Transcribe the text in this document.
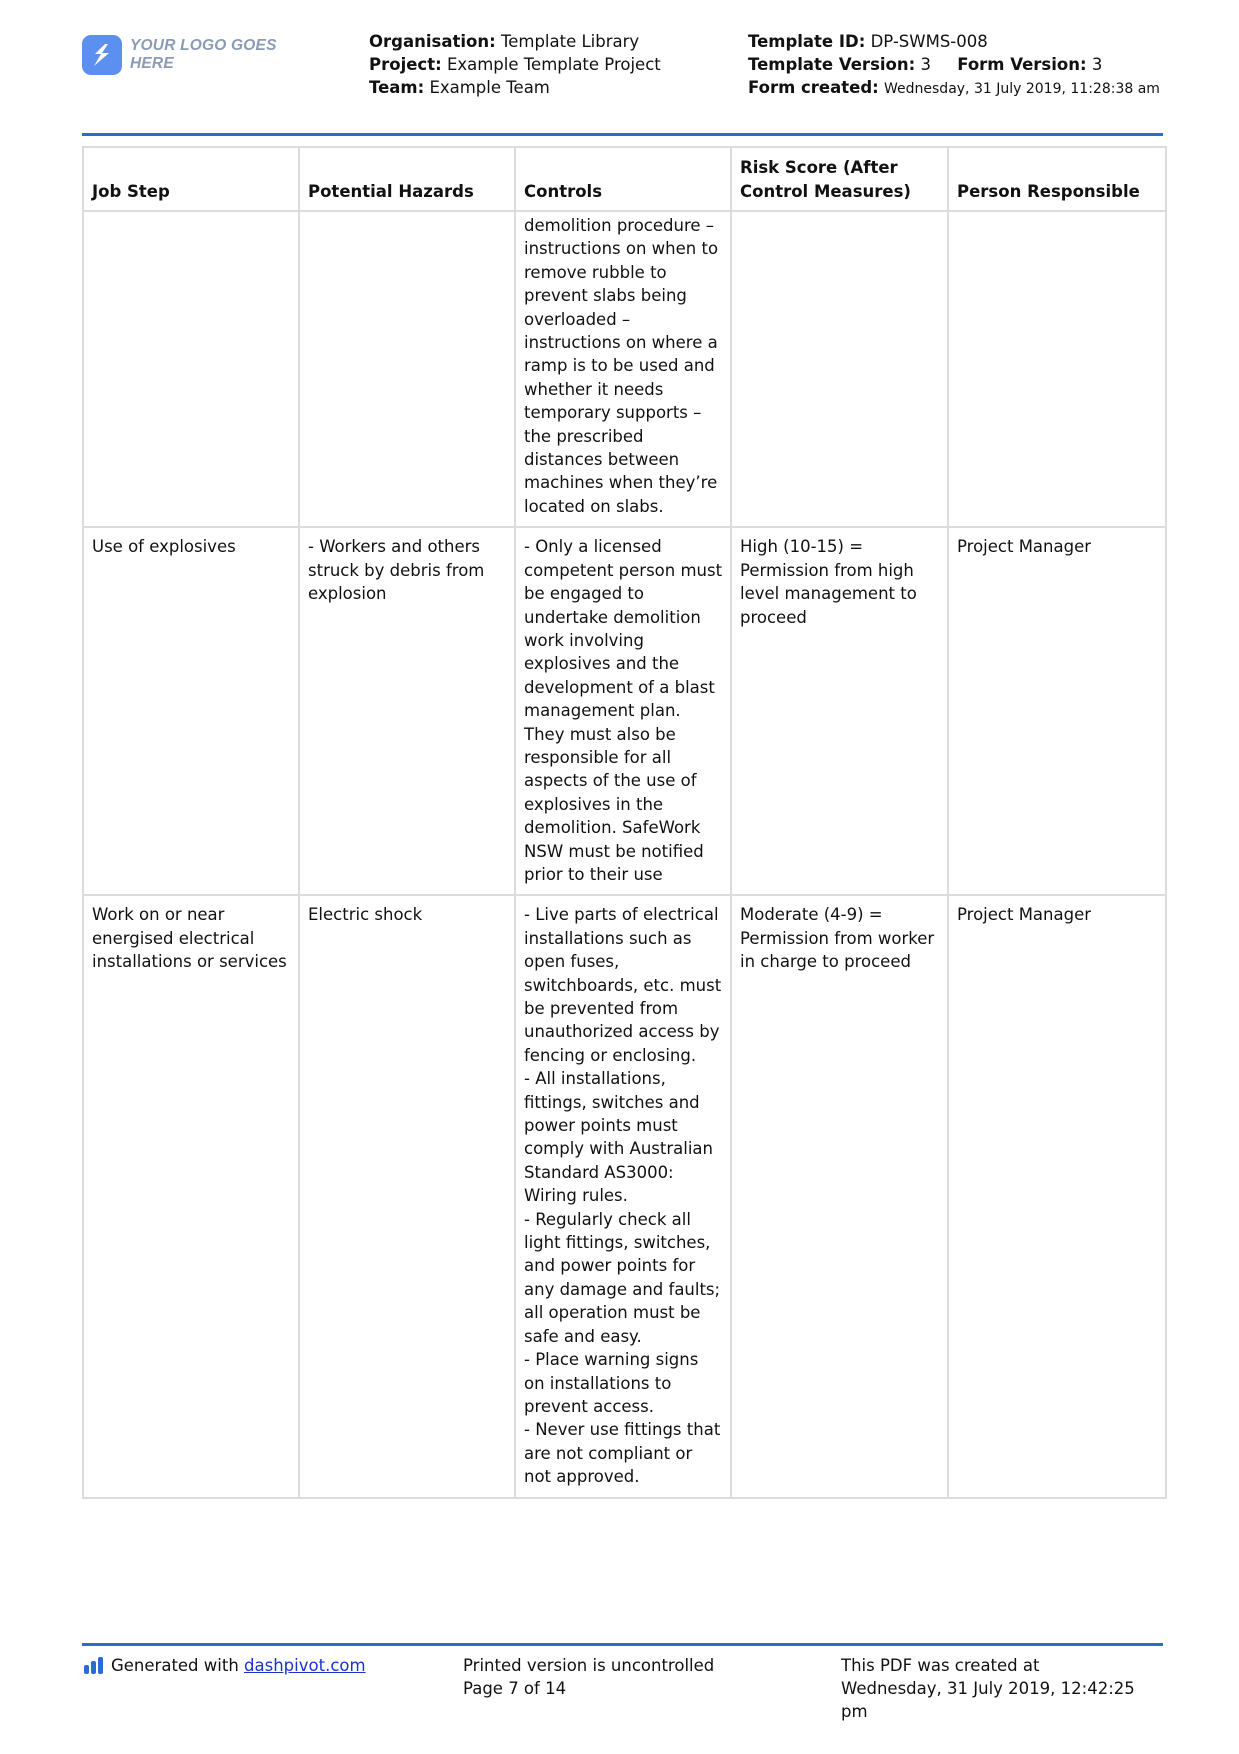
YOUR LOGO GOES HERE
Organisation: Template Library
Project: Example Template Project
Team: Example Team
Template ID: DP-SWMS-008
Template Version: 3 Form Version: 3
Form created: Wednesday, 31 July 2019, 11:28:38 am
Job Step	Potential Hazards	Controls	Risk Score (After Control Measures)	Person Responsible
		demolition procedure – instructions on when to remove rubble to prevent slabs being overloaded – instructions on where a ramp is to be used and whether it needs temporary supports – the prescribed distances between machines when they’re located on slabs.		
Use of explosives	- Workers and others struck by debris from explosion	- Only a licensed competent person must be engaged to undertake demolition work involving explosives and the development of a blast management plan. They must also be responsible for all aspects of the use of explosives in the demolition. SafeWork NSW must be notified prior to their use	High (10-15) = Permission from high level management to proceed	Project Manager
Work on or near energised electrical installations or services	Electric shock	- Live parts of electrical installations such as open fuses, switchboards, etc. must be prevented from unauthorized access by fencing or enclosing.
- All installations, fittings, switches and power points must comply with Australian Standard AS3000: Wiring rules.
- Regularly check all light fittings, switches, and power points for any damage and faults; all operation must be safe and easy.
- Place warning signs on installations to prevent access.
- Never use fittings that are not compliant or not approved.	Moderate (4-9) = Permission from worker in charge to proceed	Project Manager
Generated with
dashpivot.com	Printed version is uncontrolled
Page 7 of 14
This PDF was created at
Wednesday, 31 July 2019, 12:42:25 pm
